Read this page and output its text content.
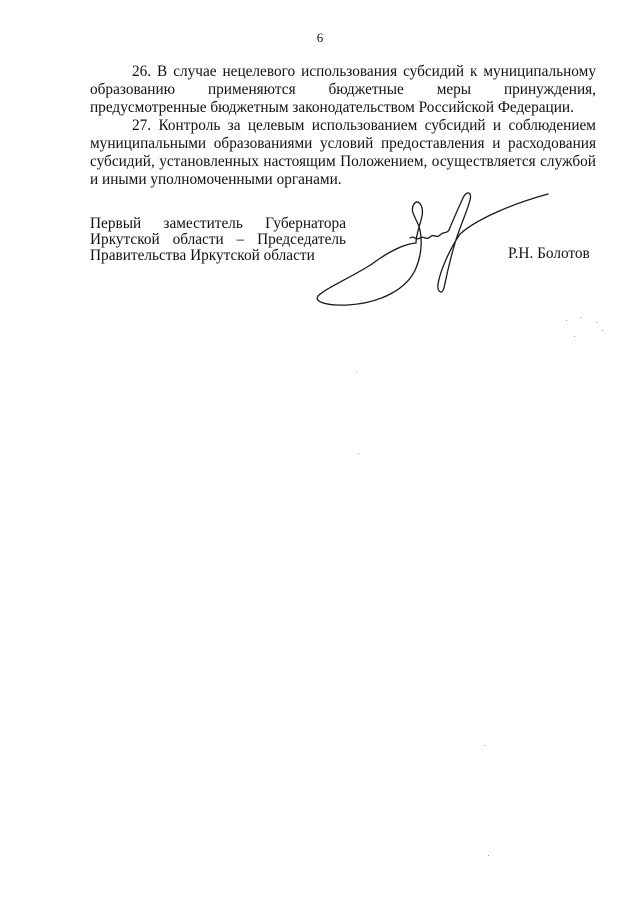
6

26. В случае нецелевого использования субсидий к муниципальному образованию применяются бюджетные меры принуждения, предусмотренные бюджетным законодательством Российской Федерации.

27. Контроль за целевым использованием субсидий и соблюдением муниципальными образованиями условий предоставления и расходования субсидий, установленных настоящим Положением, осуществляется службой и иными уполномоченными органами.

Первый заместитель Губернатора
Иркутской области – Председатель
Правительства Иркутской области	Р.Н. Болотов
